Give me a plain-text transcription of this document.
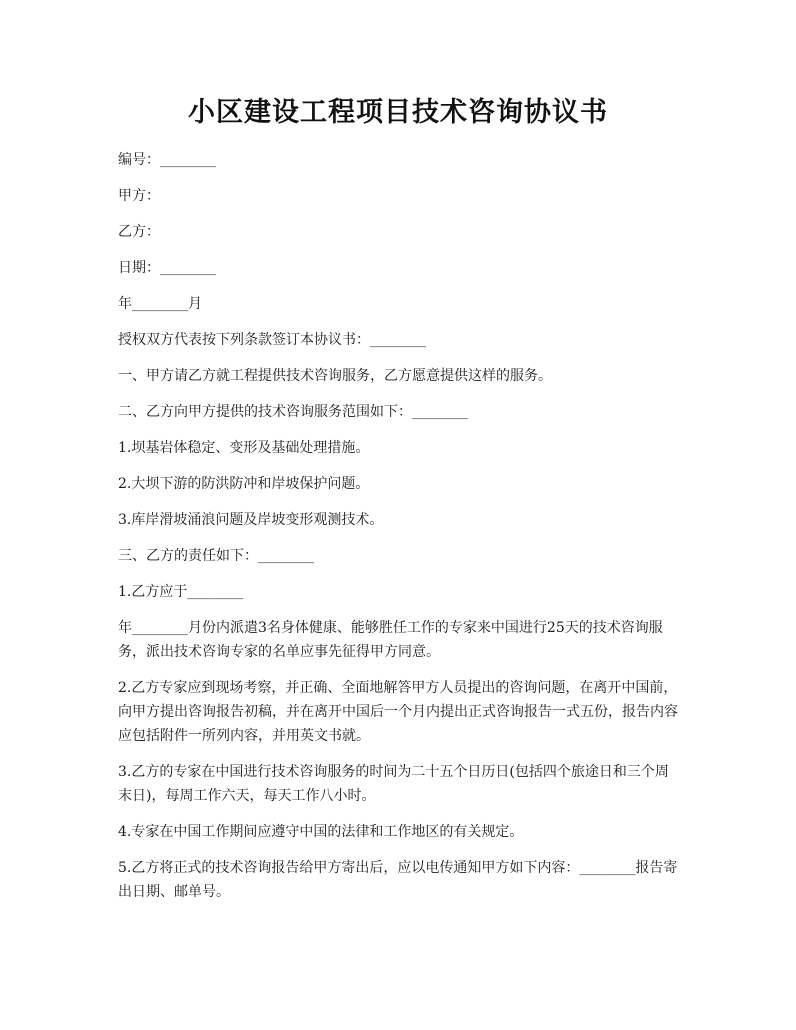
小区建设工程项目技术咨询协议书

编号：________

甲方：

乙方：

日期：________

年________月

授权双方代表按下列条款签订本协议书：________

一、甲方请乙方就工程提供技术咨询服务，乙方愿意提供这样的服务。

二、乙方向甲方提供的技术咨询服务范围如下：________

1.坝基岩体稳定、变形及基础处理措施。

2.大坝下游的防洪防冲和岸坡保护问题。

3.库岸滑坡涌浪问题及岸坡变形观测技术。

三、乙方的责任如下：________

1.乙方应于________

年________月份内派遣3名身体健康、能够胜任工作的专家来中国进行25天的技术咨询服务，派出技术咨询专家的名单应事先征得甲方同意。

2.乙方专家应到现场考察，并正确、全面地解答甲方人员提出的咨询问题，在离开中国前，向甲方提出咨询报告初稿，并在离开中国后一个月内提出正式咨询报告一式五份，报告内容应包括附件一所列内容，并用英文书就。

3.乙方的专家在中国进行技术咨询服务的时间为二十五个日历日(包括四个旅途日和三个周末日)，每周工作六天，每天工作八小时。

4.专家在中国工作期间应遵守中国的法律和工作地区的有关规定。

5.乙方将正式的技术咨询报告给甲方寄出后，应以电传通知甲方如下内容：________报告寄出日期、邮单号。
